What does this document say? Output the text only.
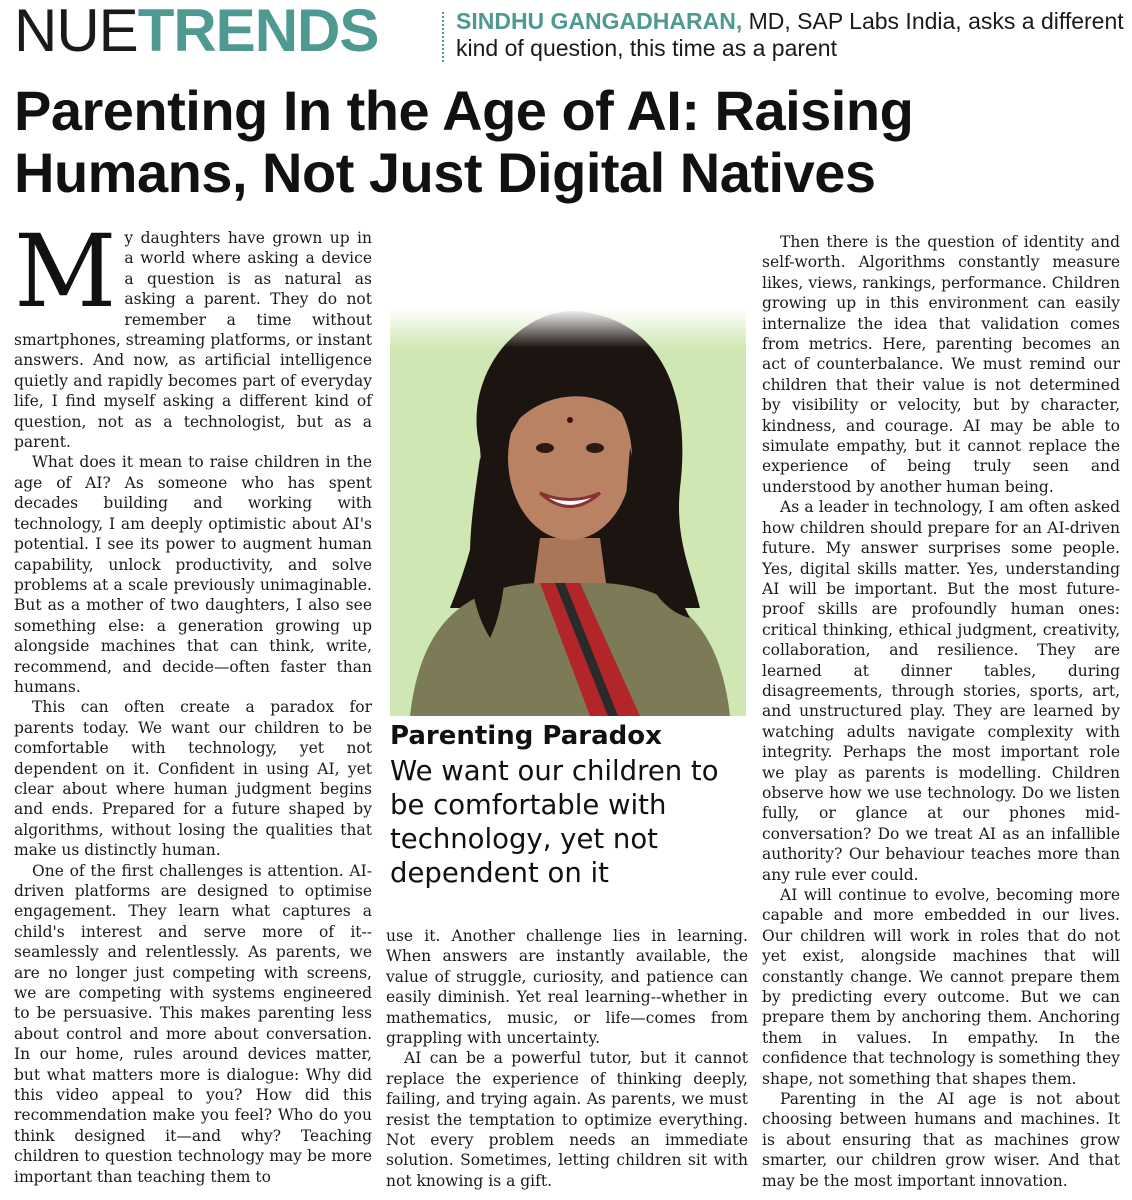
NUETRENDS	SINDHU GANGADHARAN, MD, SAP Labs India, asks a different kind of question, this time as a parent
Parenting In the Age of AI: Raising Humans, Not Just Digital Natives

My daughters have grown up in a world where asking a device a question is as natural as asking a parent. They do not remember a time without smartphones, streaming platforms, or instant answers. And now, as artificial intelligence quietly and rapidly becomes part of everyday life, I find myself asking a different kind of question, not as a technologist, but as a parent.

What does it mean to raise children in the age of AI? As someone who has spent decades building and working with technology, I am deeply optimistic about AI's potential. I see its power to augment human capability, unlock productivity, and solve problems at a scale previously unimaginable. But as a mother of two daughters, I also see something else: a generation growing up alongside machines that can think, write, recommend, and decide—often faster than humans.

This can often create a paradox for parents today. We want our children to be comfortable with technology, yet not dependent on it. Confident in using AI, yet clear about where human judgment begins and ends. Prepared for a future shaped by algorithms, without losing the qualities that make us distinctly human.

One of the first challenges is attention. AI-driven platforms are designed to optimise engagement. They learn what captures a child's interest and serve more of it-- seamlessly and relentlessly. As parents, we are no longer just competing with screens, we are competing with systems engineered to be persuasive. This makes parenting less about control and more about conversation. In our home, rules around devices matter, but what matters more is dialogue: Why did this video appeal to you? How did this recommendation make you feel? Who do you think designed it—and why? Teaching children to question technology may be more important than teaching them to

Parenting Paradox
We want our children to be comfortable with technology, yet not dependent on it

use it. Another challenge lies in learning. When answers are instantly available, the value of struggle, curiosity, and patience can easily diminish. Yet real learning--whether in mathematics, music, or life—comes from grappling with uncertainty.

AI can be a powerful tutor, but it cannot replace the experience of thinking deeply, failing, and trying again. As parents, we must resist the temptation to optimize everything. Not every problem needs an immediate solution. Sometimes, letting children sit with not knowing is a gift.

Then there is the question of identity and self-worth. Algorithms constantly measure likes, views, rankings, performance. Children growing up in this environment can easily internalize the idea that validation comes from metrics. Here, parenting becomes an act of counterbalance. We must remind our children that their value is not determined by visibility or velocity, but by character, kindness, and courage. AI may be able to simulate empathy, but it cannot replace the experience of being truly seen and understood by another human being.

As a leader in technology, I am often asked how children should prepare for an AI-driven future. My answer surprises some people. Yes, digital skills matter. Yes, understanding AI will be important. But the most future-proof skills are profoundly human ones: critical thinking, ethical judgment, creativity, collaboration, and resilience. They are learned at dinner tables, during disagreements, through stories, sports, art, and unstructured play. They are learned by watching adults navigate complexity with integrity. Perhaps the most important role we play as parents is modelling. Children observe how we use technology. Do we listen fully, or glance at our phones mid-conversation? Do we treat AI as an infallible authority? Our behaviour teaches more than any rule ever could.

AI will continue to evolve, becoming more capable and more embedded in our lives. Our children will work in roles that do not yet exist, alongside machines that will constantly change. We cannot prepare them by predicting every outcome. But we can prepare them by anchoring them. Anchoring them in values. In empathy. In the confidence that technology is something they shape, not something that shapes them.

Parenting in the AI age is not about choosing between humans and machines. It is about ensuring that as machines grow smarter, our children grow wiser. And that may be the most important innovation.
